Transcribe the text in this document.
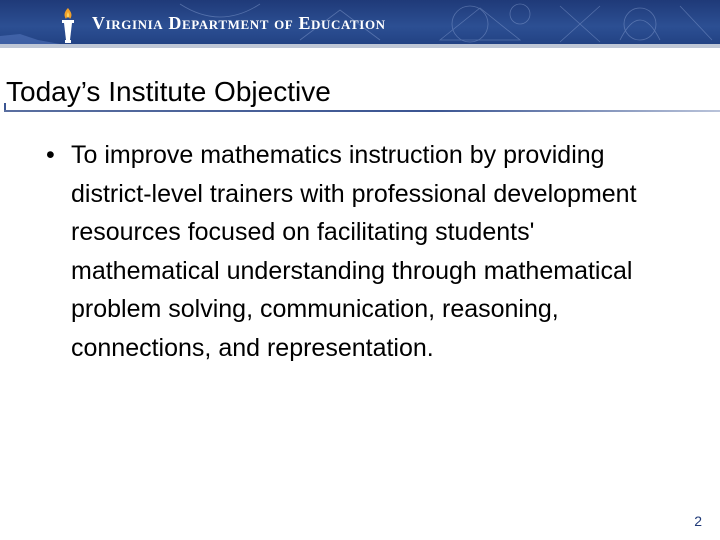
Virginia Department of Education
Today’s Institute Objective
• To improve mathematics instruction by providing district-level trainers with professional development resources focused on facilitating students' mathematical understanding through mathematical problem solving, communication, reasoning, connections, and representation.
2
